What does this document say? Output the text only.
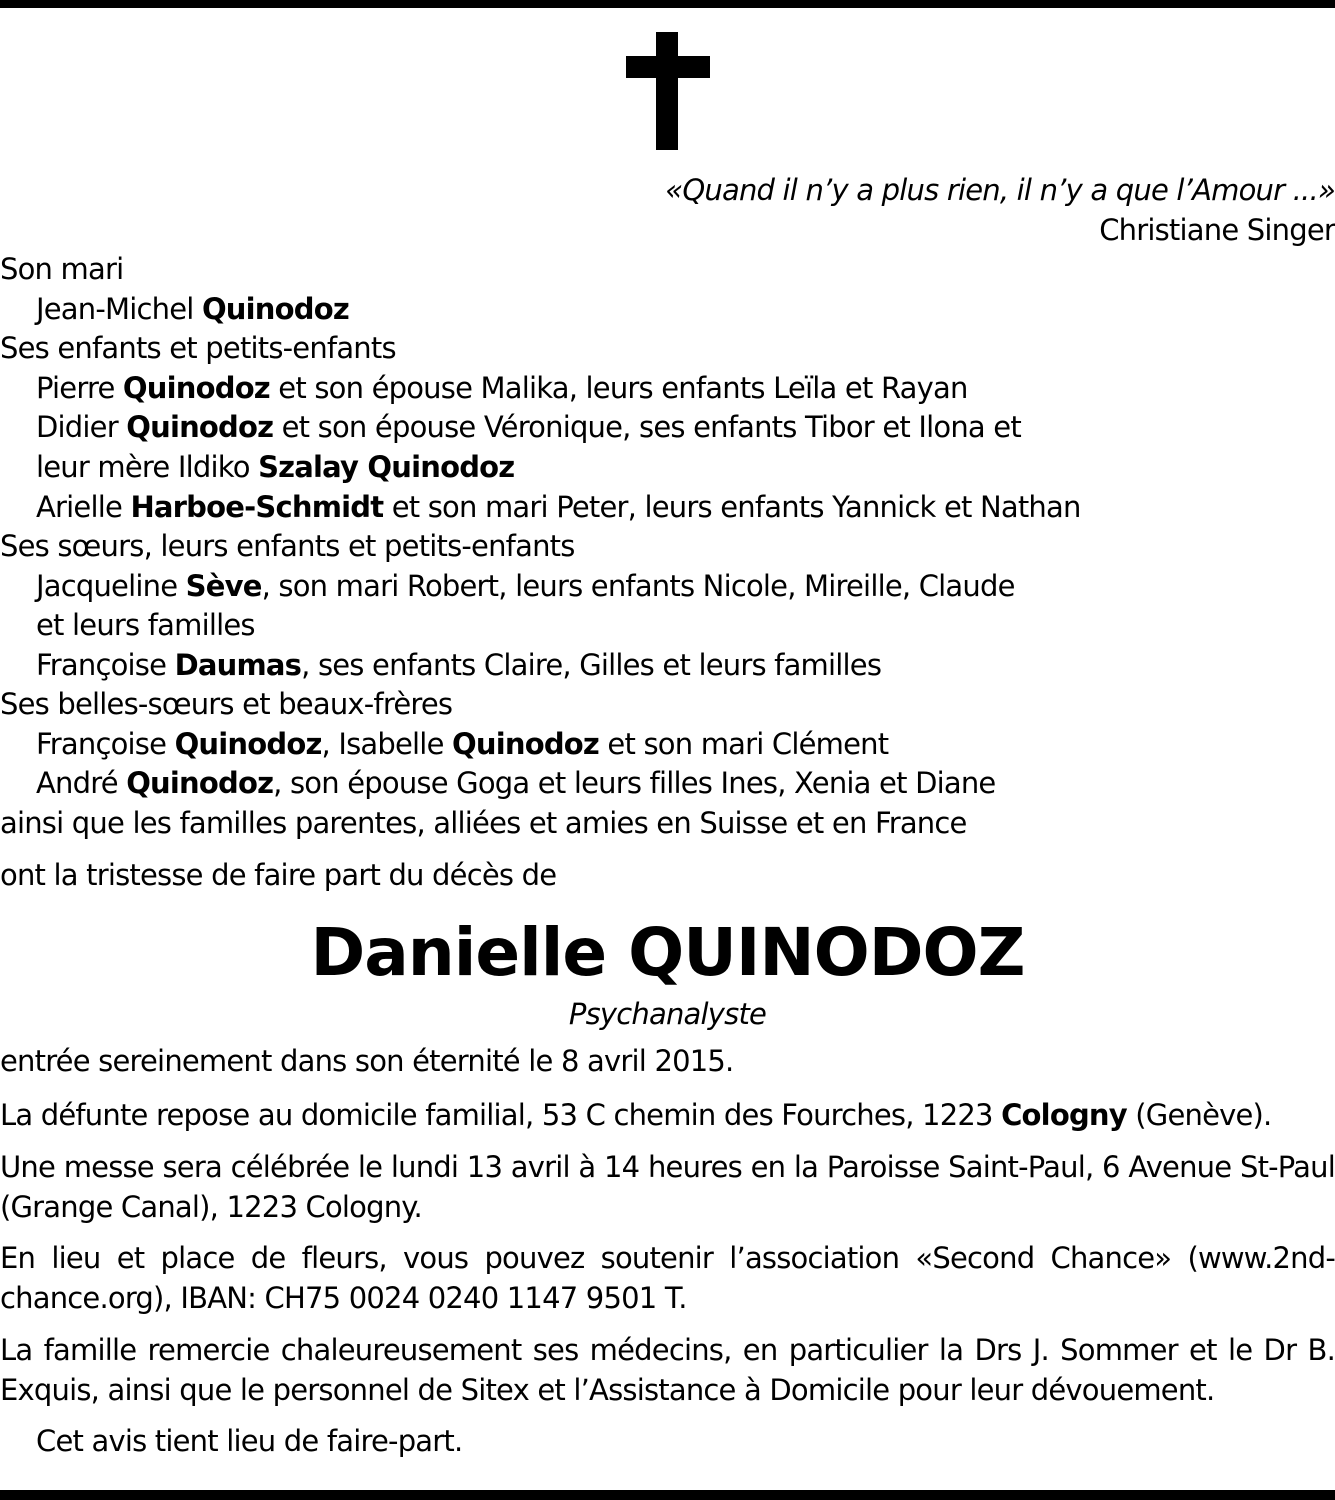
«Quand il n’y a plus rien, il n’y a que l’Amour ...»
Christiane Singer
Son mari
Jean-Michel Quinodoz
Ses enfants et petits-enfants
Pierre Quinodoz et son épouse Malika, leurs enfants Leïla et Rayan
Didier Quinodoz et son épouse Véronique, ses enfants Tibor et Ilona et
leur mère Ildiko Szalay Quinodoz
Arielle Harboe-Schmidt et son mari Peter, leurs enfants Yannick et Nathan
Ses sœurs, leurs enfants et petits-enfants
Jacqueline Sève, son mari Robert, leurs enfants Nicole, Mireille, Claude
et leurs familles
Françoise Daumas, ses enfants Claire, Gilles et leurs familles
Ses belles-sœurs et beaux-frères
Françoise Quinodoz, Isabelle Quinodoz et son mari Clément
André Quinodoz, son épouse Goga et leurs filles Ines, Xenia et Diane
ainsi que les familles parentes, alliées et amies en Suisse et en France
ont la tristesse de faire part du décès de
Danielle QUINODOZ
Psychanalyste
entrée sereinement dans son éternité le 8 avril 2015.
La défunte repose au domicile familial, 53 C chemin des Fourches, 1223 Cologny (Genève).
Une messe sera célébrée le lundi 13 avril à 14 heures en la Paroisse Saint-Paul, 6 Avenue St-Paul (Grange Canal), 1223 Cologny.
En lieu et place de fleurs, vous pouvez soutenir l’association «Second Chance» (www.2nd-chance.org), IBAN: CH75 0024 0240 1147 9501 T.
La famille remercie chaleureusement ses médecins, en particulier la Drs J. Sommer et le Dr B. Exquis, ainsi que le personnel de Sitex et l’Assistance à Domicile pour leur dévouement.
Cet avis tient lieu de faire-part.
